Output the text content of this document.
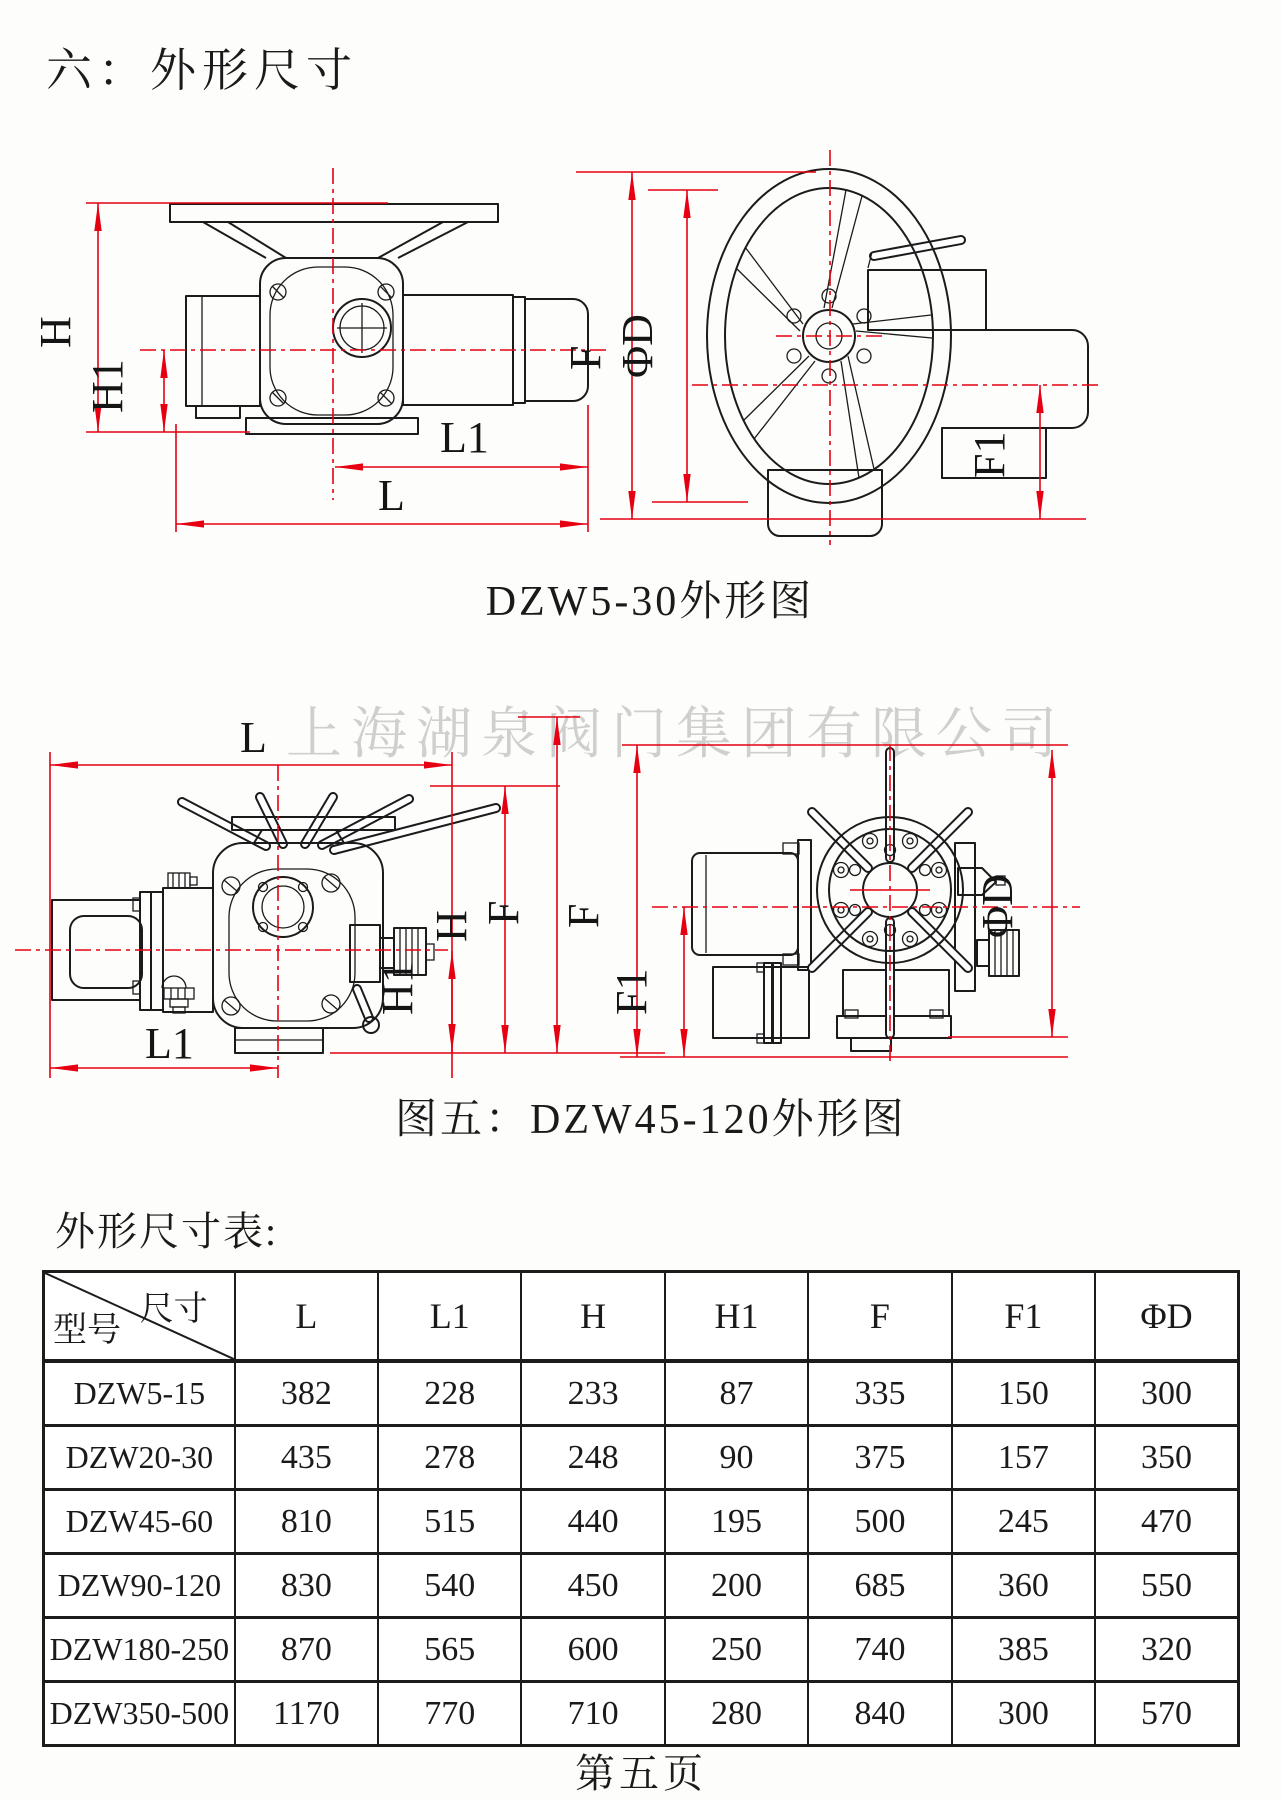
六：外形尺寸
上海湖泉阀门集团有限公司
H
H1
L1
L
F ΦD
F1
DZW5-30外形图
L
L1
H1
H F F
F1
ΦD
图五：DZW45-120外形图
外形尺寸表:
尺寸
型号	L	L1	H	H1	F	F1	ΦD
DZW5-15	382	228	233	87	335	150	300
DZW20-30	435	278	248	90	375	157	350
DZW45-60	810	515	440	195	500	245	470
DZW90-120	830	540	450	200	685	360	550
DZW180-250	870	565	600	250	740	385	320
DZW350-500	1170	770	710	280	840	300	570
第五页
